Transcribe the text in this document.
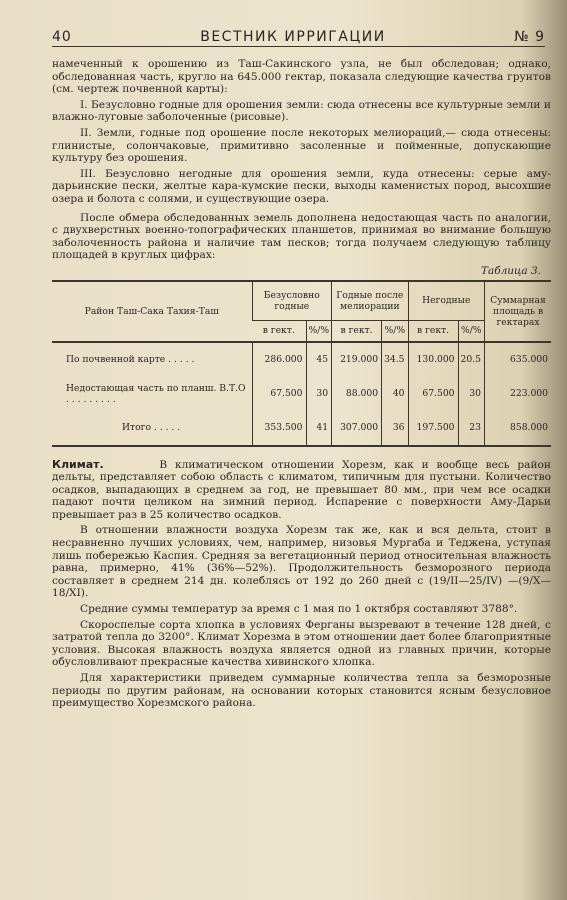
40	ВЕСТНИК ИРРИГАЦИИ	№ 9

намеченный к орошению из Таш-Сакинского узла, не был обследован; однако, обследованная часть, кругло на 645.000 гектар, показала следующие качества грунтов (см. чертеж почвенной карты):

I. Безусловно годные для орошения земли: сюда отнесены все культурные земли и влажно-луговые заболоченные (рисовые).

II. Земли, годные под орошение после некоторых мелиораций,— сюда отнесены: глинистые, солончаковые, примитивно засоленные и пойменные, допускающие культуру без орошения.

III. Безусловно негодные для орошения земли, куда отнесены: серые аму-дарьинские пески, желтые кара-кумские пески, выходы каменистых пород, высохшие озера и болота с солями, и существующие озера.

После обмера обследованных земель дополнена недостающая часть по аналогии, с двухверстных военно-топографических планшетов, принимая во внимание большую заболоченность района и наличие там песков; тогда получаем следующую таблицу площадей в круглых цифрах:

Таблица 3.
Район Таш-Сака Тахия-Таш	Безусловно годные		Годные после мелиорации		Негодные		Суммарная площадь в гектарах
	в гект.	%/%	в гект.	%/%	в гект.	%/%	
По почвенной карте . . . . .	286.000	45	219.000	34.5	130.000	20.5	635.000
Недостающая часть по планш. В.Т.О . . . . . . . . .	67.500	30	88.000	40	67.500	30	223.000
Итого . . . . .	353.500	41	307.000	36	197.500	23	858.000

Климат.	В климатическом отношении Хорезм, как и вообще весь район дельты, представляет собою область с климатом, типичным для пустыни. Количество осадков, выпадающих в среднем за год, не превышает 80 мм., при чем все осадки падают почти целиком на зимний период. Испарение с поверхности Аму-Дарьи превышает раз в 25 количество осадков.

В отношении влажности воздуха Хорезм так же, как и вся дельта, стоит в несравненно лучших условиях, чем, например, низовья Мургаба и Теджена, уступая лишь побережью Каспия. Средняя за вегетационный период относительная влажность равна, примерно, 41% (36%—52%). Продолжительность безморозного периода составляет в среднем 214 дн. колеблясь от 192 до 260 дней с (19/II—25/IV) —(9/X—18/XI).

Средние суммы температур за время с 1 мая по 1 октября составляют 3788°.

Скороспелые сорта хлопка в условиях Ферганы вызревают в течение 128 дней, с затратой тепла до 3200°. Климат Хорезма в этом отношении дает более благоприятные условия. Высокая влажность воздуха является одной из главных причин, которые обусловливают прекрасные качества хивинского хлопка.

Для характеристики приведем суммарные количества тепла за безморозные периоды по другим районам, на основании которых становится ясным безусловное преимущество Хорезмского района.
